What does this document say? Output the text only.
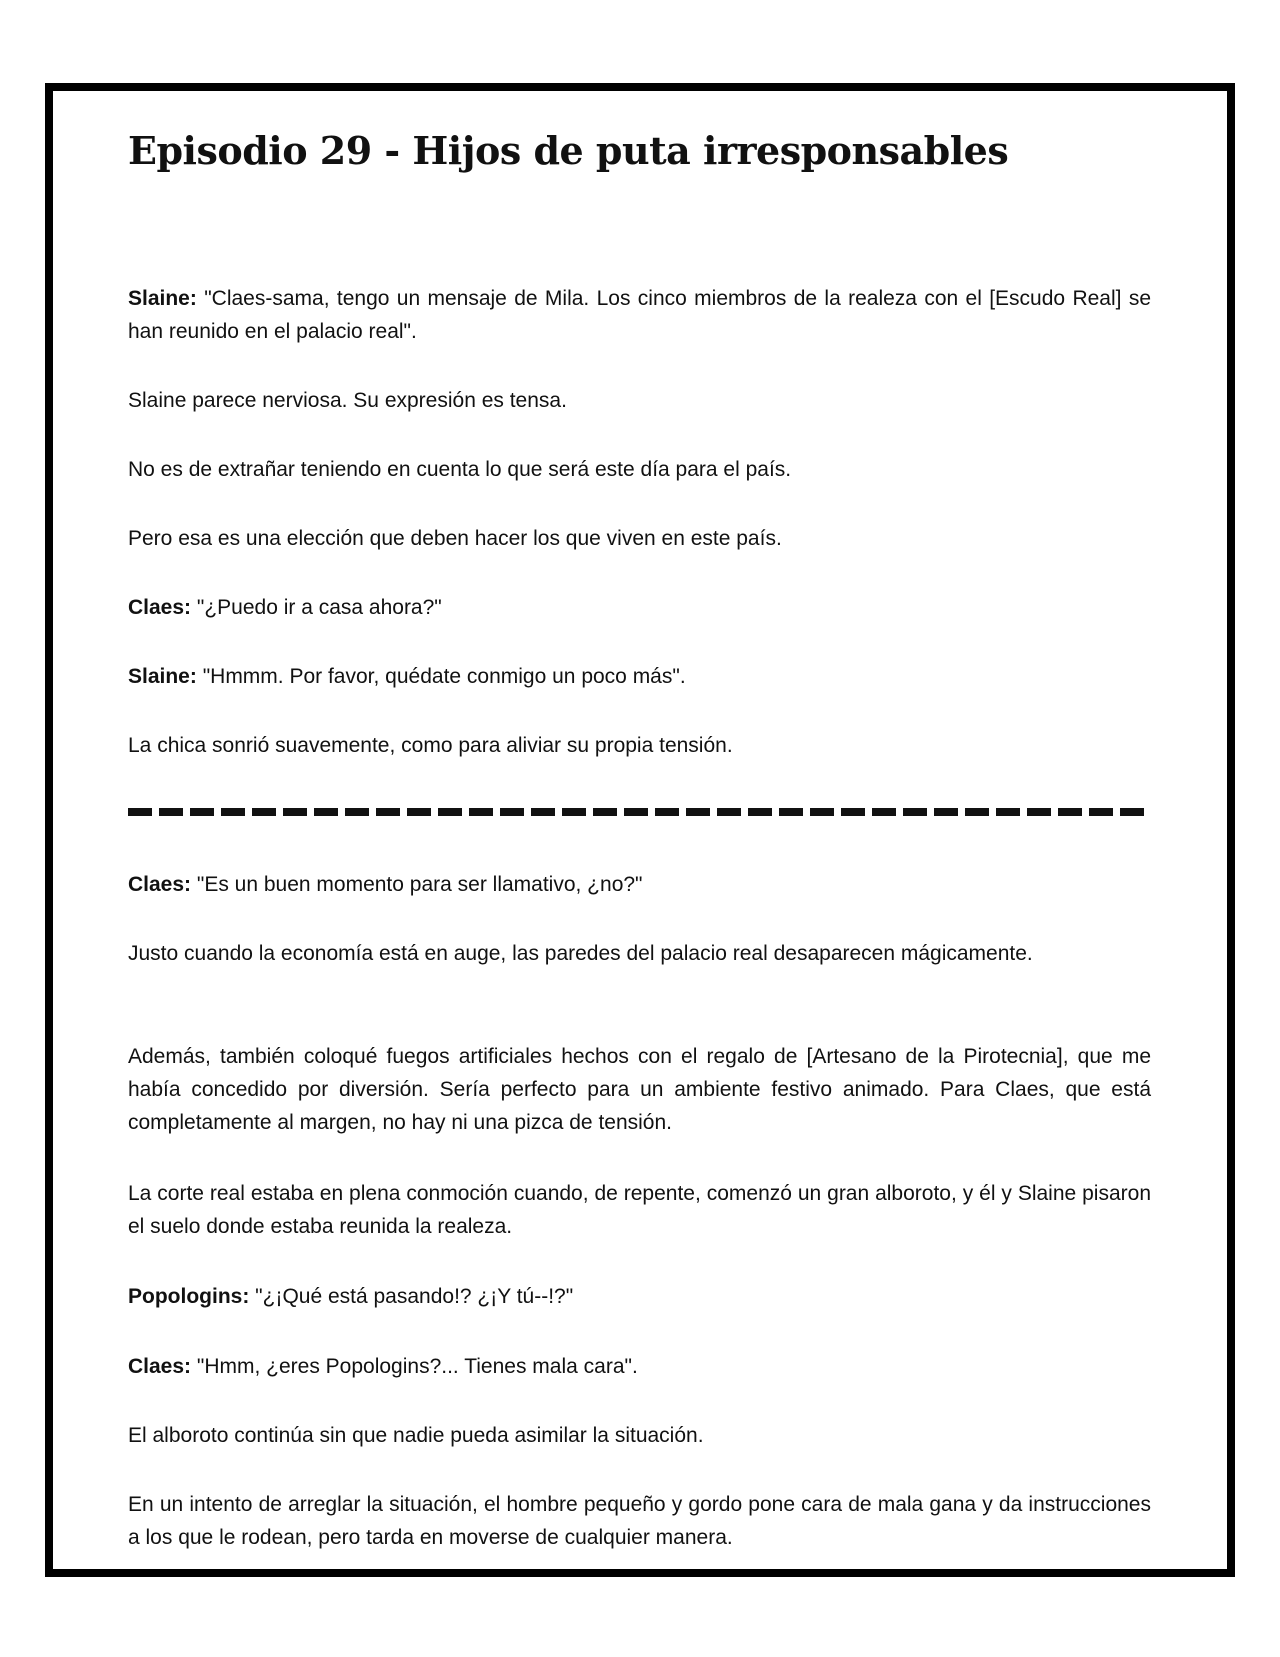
Episodio 29 - Hijos de puta irresponsables

Slaine: "Claes-sama, tengo un mensaje de Mila. Los cinco miembros de la realeza con el [Escudo Real] se han reunido en el palacio real".

Slaine parece nerviosa. Su expresión es tensa.

No es de extrañar teniendo en cuenta lo que será este día para el país.

Pero esa es una elección que deben hacer los que viven en este país.

Claes: "¿Puedo ir a casa ahora?"

Slaine: "Hmmm. Por favor, quédate conmigo un poco más".

La chica sonrió suavemente, como para aliviar su propia tensión.

Claes: "Es un buen momento para ser llamativo, ¿no?"

Justo cuando la economía está en auge, las paredes del palacio real desaparecen mágicamente.

Además, también coloqué fuegos artificiales hechos con el regalo de [Artesano de la Pirotecnia], que me había concedido por diversión. Sería perfecto para un ambiente festivo animado. Para Claes, que está completamente al margen, no hay ni una pizca de tensión.

La corte real estaba en plena conmoción cuando, de repente, comenzó un gran alboroto, y él y Slaine pisaron el suelo donde estaba reunida la realeza.

Popologins: "¿¡Qué está pasando!? ¿¡Y tú--!?"

Claes: "Hmm, ¿eres Popologins?... Tienes mala cara".

El alboroto continúa sin que nadie pueda asimilar la situación.

En un intento de arreglar la situación, el hombre pequeño y gordo pone cara de mala gana y da instrucciones a los que le rodean, pero tarda en moverse de cualquier manera.
